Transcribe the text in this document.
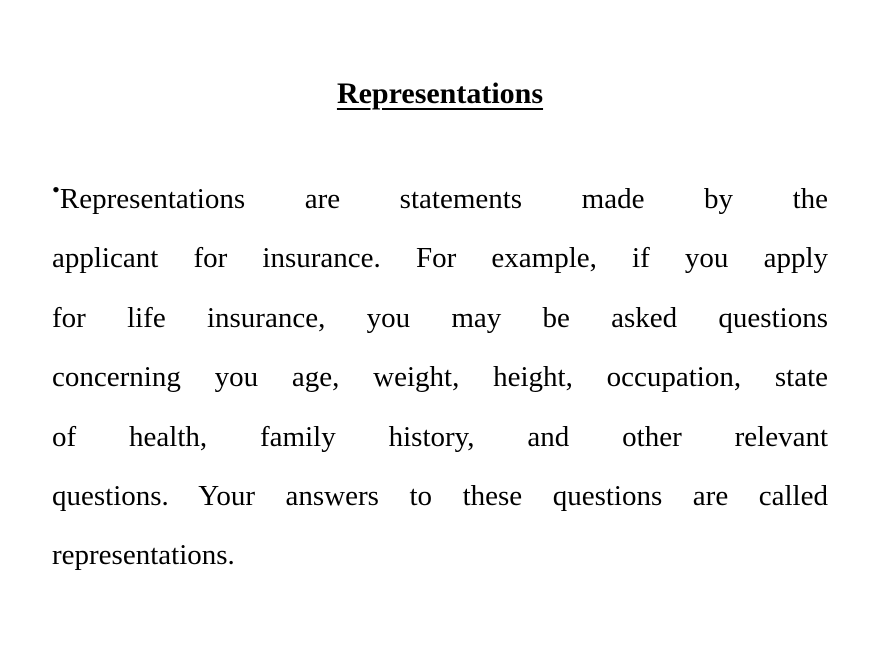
Representations
•Representations are statements made by the
applicant for insurance. For example, if you apply
for life insurance, you may be asked questions
concerning you age, weight, height, occupation, state
of health, family history, and other relevant
questions. Your answers to these questions are called
representations.
